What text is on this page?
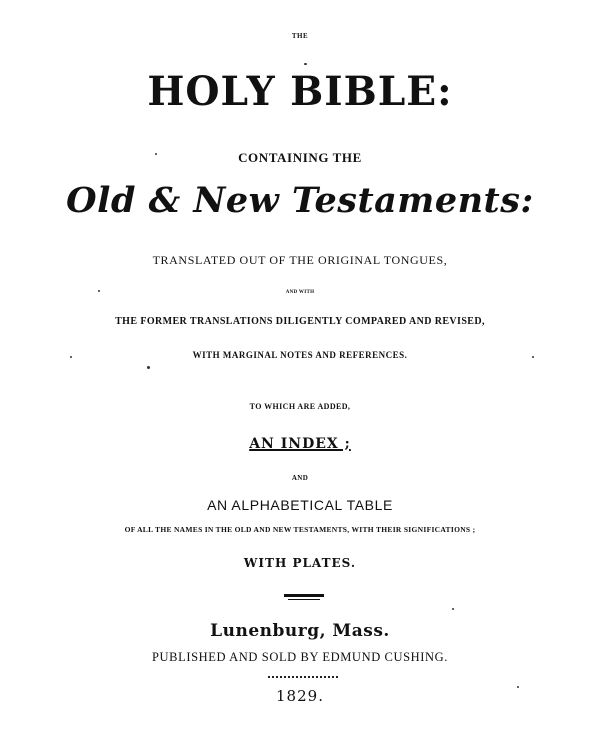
THE
HOLY BIBLE:
CONTAINING THE
Old & New Testaments:
TRANSLATED OUT OF THE ORIGINAL TONGUES,
AND WITH
THE FORMER TRANSLATIONS DILIGENTLY COMPARED AND REVISED,
WITH MARGINAL NOTES AND REFERENCES.
TO WHICH ARE ADDED,
AN INDEX ;
AND
AN ALPHABETICAL TABLE
OF ALL THE NAMES IN THE OLD AND NEW TESTAMENTS, WITH THEIR SIGNIFICATIONS ;
WITH PLATES.
Lunenburg, Mass.
PUBLISHED AND SOLD BY EDMUND CUSHING.
1829.
